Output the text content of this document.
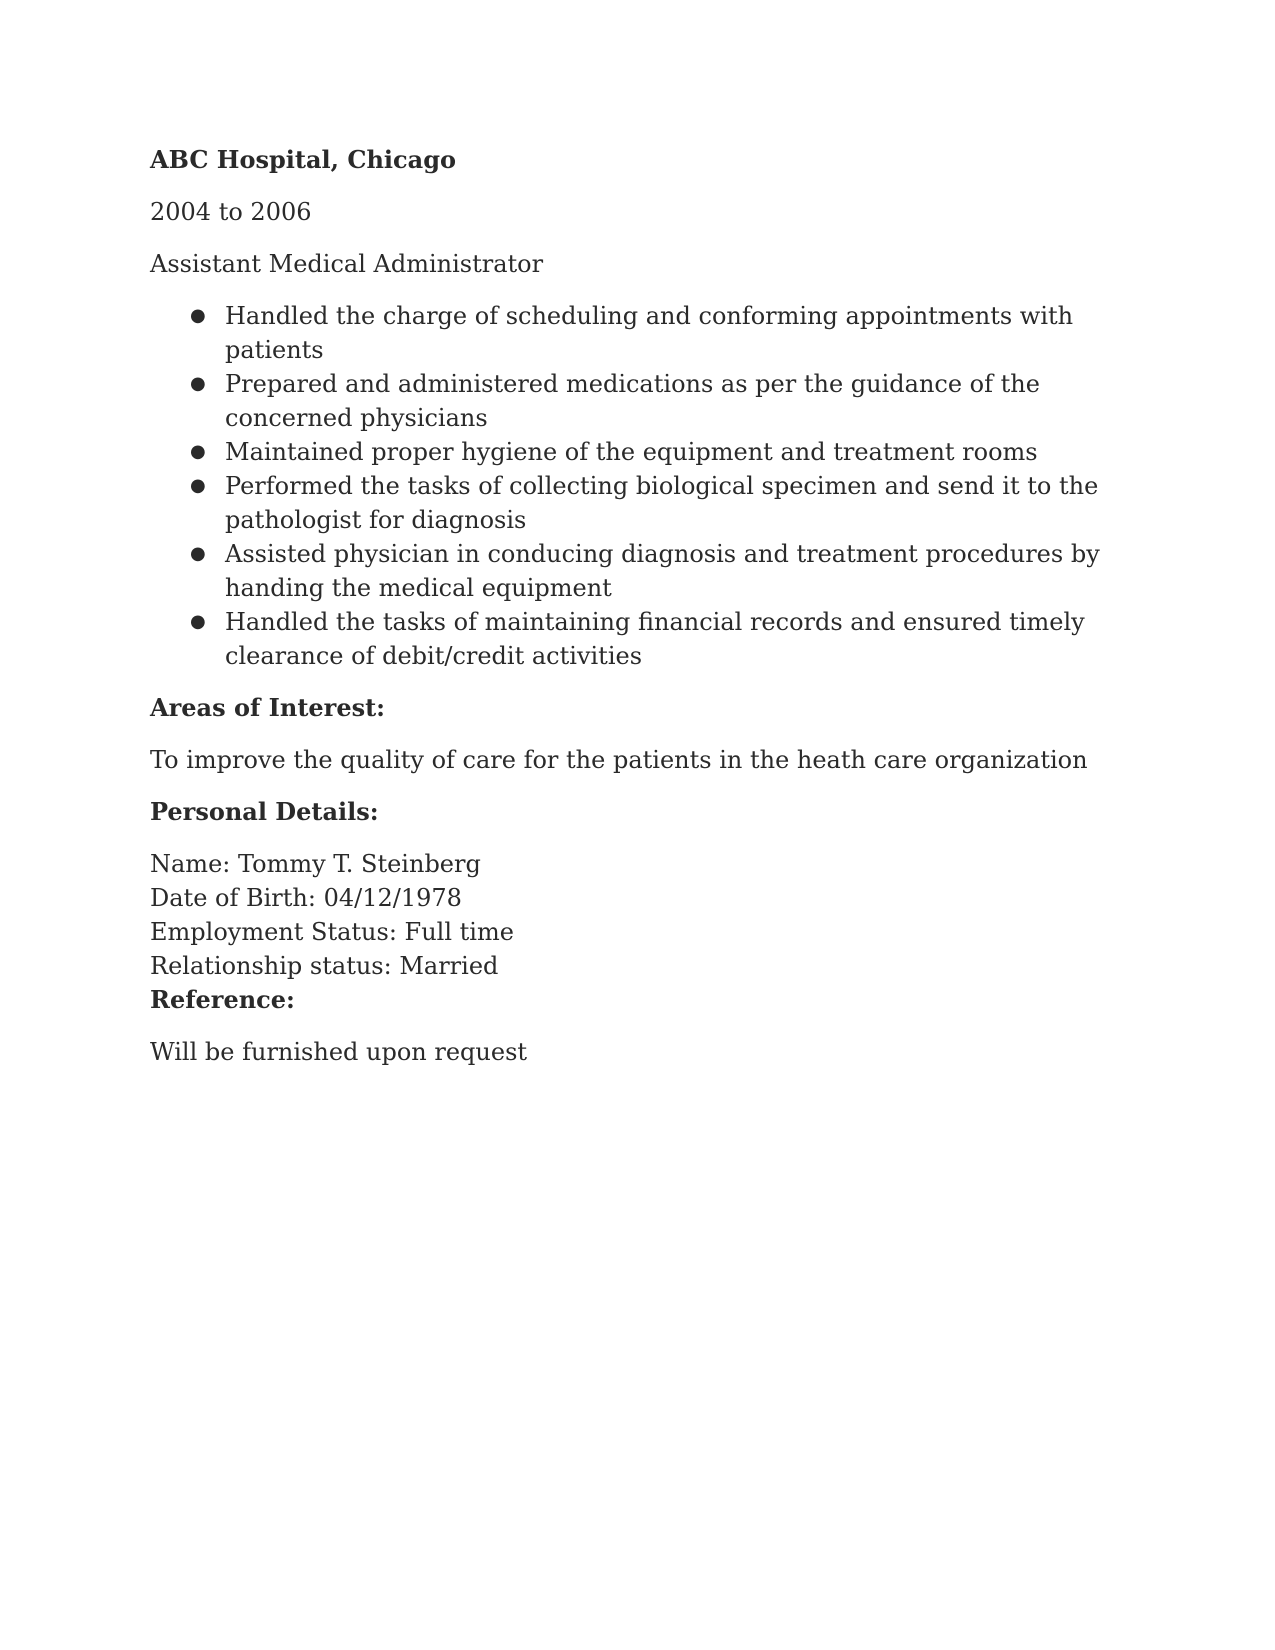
ABC Hospital, Chicago

2004 to 2006

Assistant Medical Administrator

● Handled the charge of scheduling and conforming appointments with patients
● Prepared and administered medications as per the guidance of the concerned physicians
● Maintained proper hygiene of the equipment and treatment rooms
● Performed the tasks of collecting biological specimen and send it to the pathologist for diagnosis
● Assisted physician in conducing diagnosis and treatment procedures by handing the medical equipment
● Handled the tasks of maintaining financial records and ensured timely clearance of debit/credit activities

Areas of Interest:

To improve the quality of care for the patients in the heath care organization

Personal Details:

Name: Tommy T. Steinberg
Date of Birth: 04/12/1978
Employment Status: Full time
Relationship status: Married

Reference:

Will be furnished upon request
